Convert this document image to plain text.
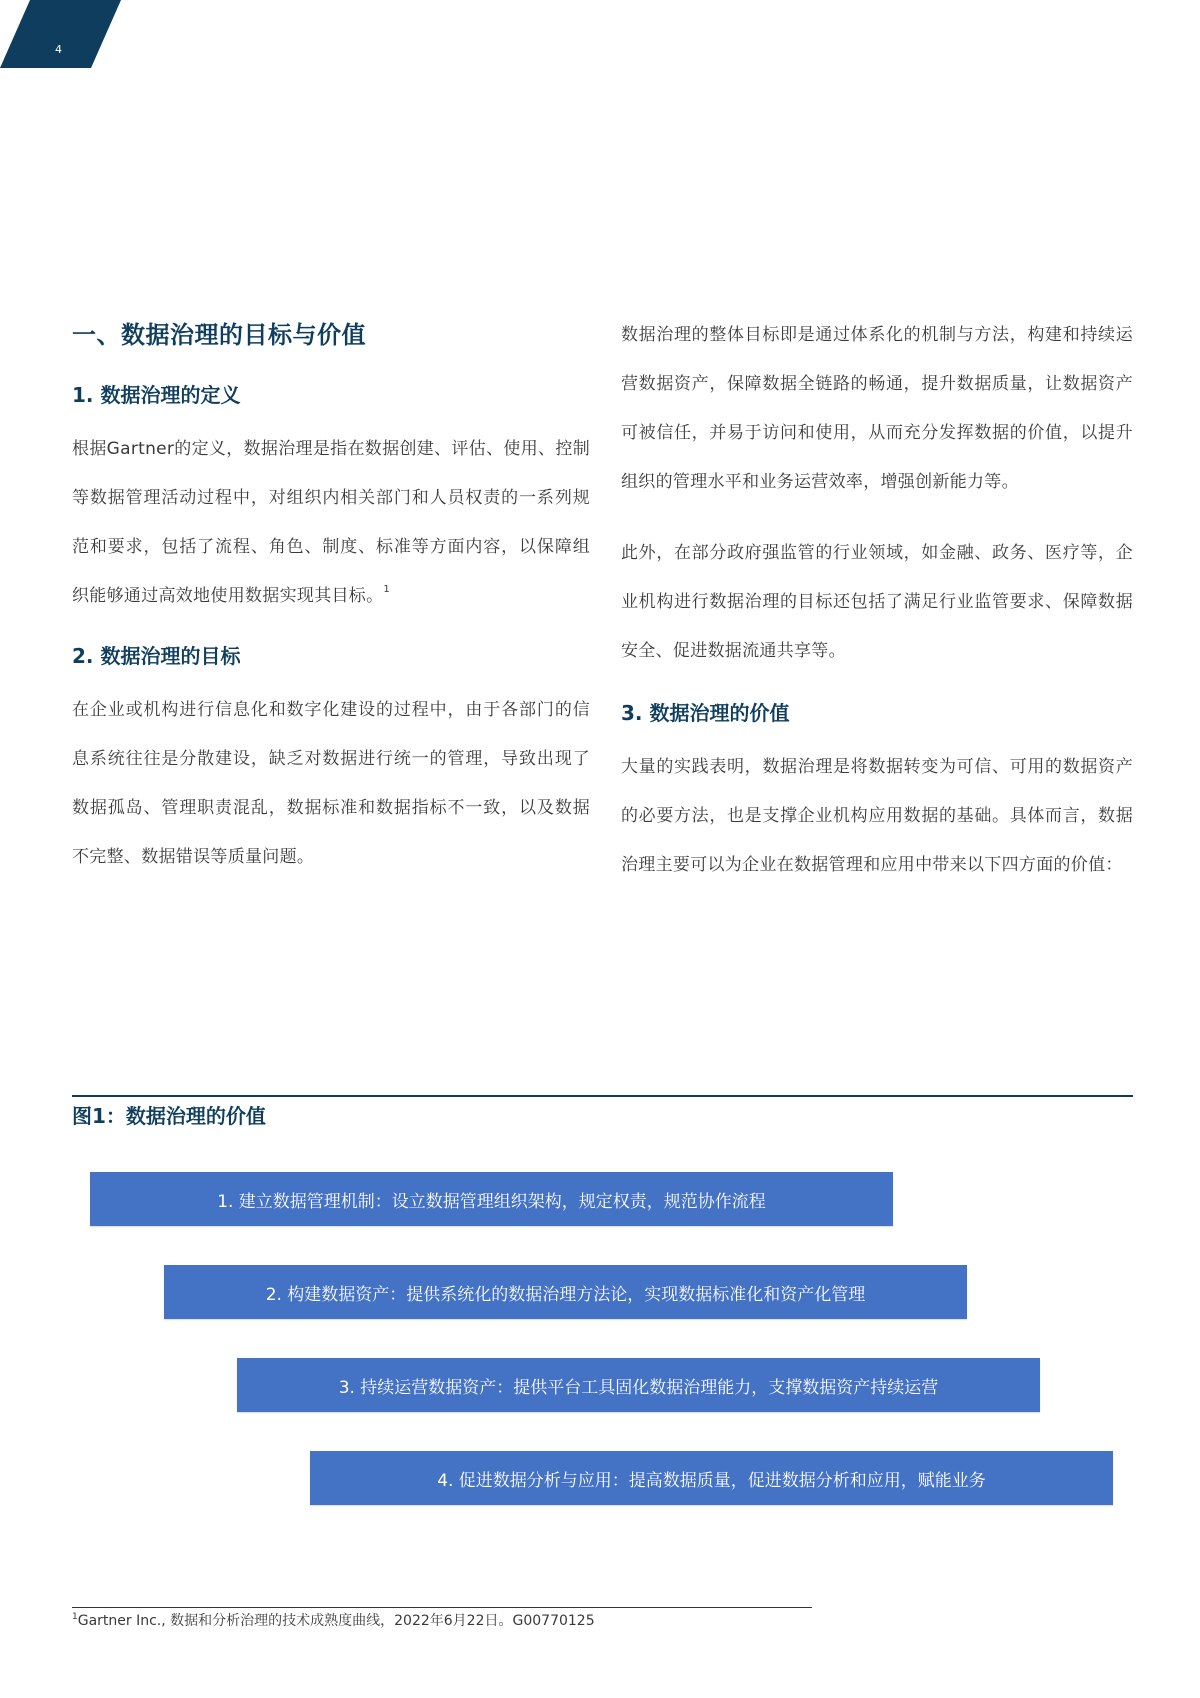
4
一、数据治理的目标与价值
1. 数据治理的定义

根据Gartner的定义，数据治理是指在数据创建、评估、使用、控制等数据管理活动过程中，对组织内相关部门和人员权责的一系列规范和要求，包括了流程、角色、制度、标准等方面内容，以保障组织能够通过高效地使用数据实现其目标。$^1$

2. 数据治理的目标

在企业或机构进行信息化和数字化建设的过程中，由于各部门的信息系统往往是分散建设，缺乏对数据进行统一的管理，导致出现了数据孤岛、管理职责混乱，数据标准和数据指标不一致，以及数据不完整、数据错误等质量问题。

数据治理的整体目标即是通过体系化的机制与方法，构建和持续运营数据资产，保障数据全链路的畅通，提升数据质量，让数据资产可被信任，并易于访问和使用，从而充分发挥数据的价值，以提升组织的管理水平和业务运营效率，增强创新能力等。

此外，在部分政府强监管的行业领域，如金融、政务、医疗等，企业机构进行数据治理的目标还包括了满足行业监管要求、保障数据安全、促进数据流通共享等。

3. 数据治理的价值

大量的实践表明，数据治理是将数据转变为可信、可用的数据资产的必要方法，也是支撑企业机构应用数据的基础。具体而言，数据治理主要可以为企业在数据管理和应用中带来以下四方面的价值：

图1：数据治理的价值
1. 建立数据管理机制：设立数据管理组织架构，规定权责，规范协作流程
2. 构建数据资产：提供系统化的数据治理方法论，实现数据标准化和资产化管理
3. 持续运营数据资产：提供平台工具固化数据治理能力，支撑数据资产持续运营
4. 促进数据分析与应用：提高数据质量，促进数据分析和应用，赋能业务
$^1$Gartner Inc., 数据和分析治理的技术成熟度曲线，2022年6月22日。G00770125
